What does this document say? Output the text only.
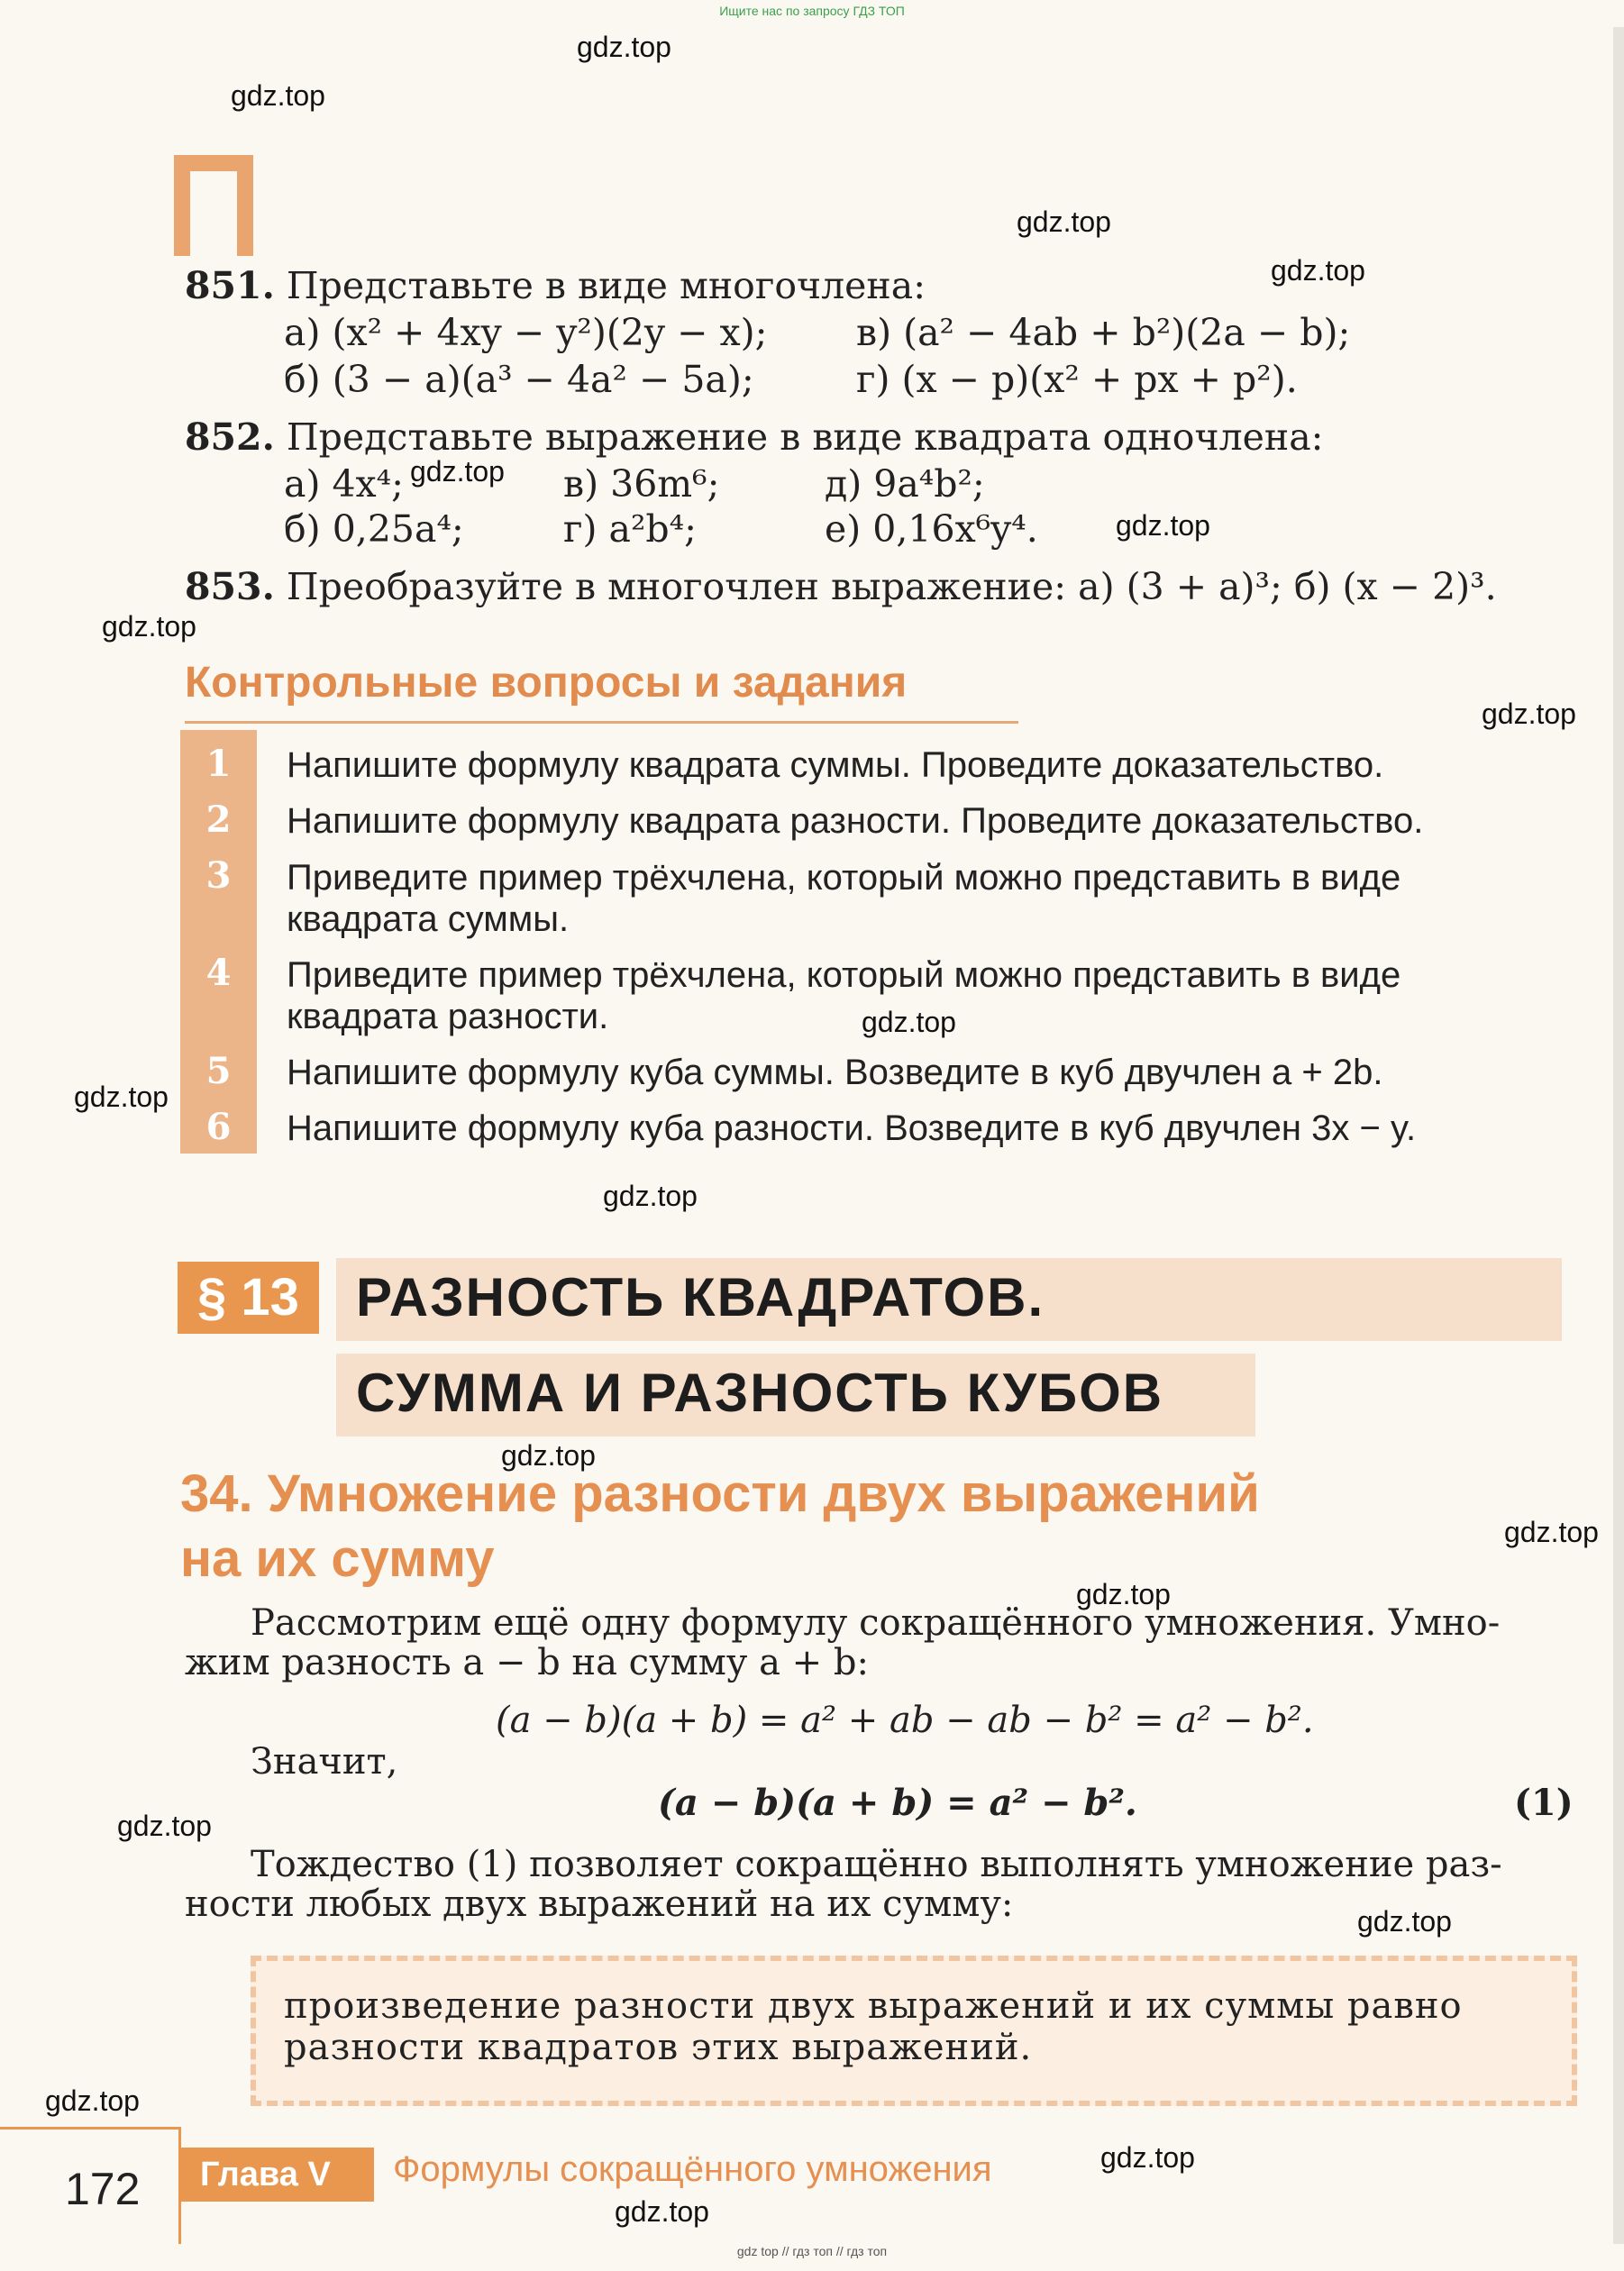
Ищите нас по запросу ГДЗ ТОП
gdz.top
gdz.top
gdz.top
gdz.top
gdz.top
gdz.top
gdz.top
gdz.top
gdz.top
gdz.top
gdz.top
gdz.top
gdz.top
gdz.top
gdz.top
gdz.top
gdz.top
gdz.top
gdz.top
851. Представьте в виде многочлена:
а) (x² + 4xy − y²)(2y − x); в) (a² − 4ab + b²)(2a − b);
б) (3 − a)(a³ − 4a² − 5a);	г) (x − p)(x² + px + p²).
852. Представьте выражение в виде квадрата одночлена:
а) 4x⁴;	в) 36m⁶;	д) 9a⁴b²;
б) 0,25a⁴;	г) a²b⁴;	е) 0,16x⁶y⁴.
853. Преобразуйте в многочлен выражение: а) (3 + a)³; б) (x − 2)³.
Контрольные вопросы и задания
1	Напишите формулу квадрата суммы. Проведите доказательство.
2	Напишите формулу квадрата разности. Проведите доказательство.
3	Приведите пример трёхчлена, который можно представить в виде
квадрата суммы.
4	Приведите пример трёхчлена, который можно представить в виде
квадрата разности.
5	Напишите формулу куба суммы. Возведите в куб двучлен a + 2b.
6	Напишите формулу куба разности. Возведите в куб двучлен 3x − y.
§ 13	РАЗНОСТЬ КВАДРАТОВ.
СУММА И РАЗНОСТЬ КУБОВ
34. Умножение разности двух выражений
на их сумму
Рассмотрим ещё одну формулу сокращённого умножения. Умно-
жим разность a − b на сумму a + b:
(a − b)(a + b) = a² + ab − ab − b² = a² − b².
Значит,
(a − b)(a + b) = a² − b².	(1)
Тождество (1) позволяет сокращённо выполнять умножение раз-
ности любых двух выражений на их сумму:
произведение разности двух выражений и их суммы равно
разности квадратов этих выражений.
172	Глава V	Формулы сокращённого умножения
gdz top // гдз топ // гдз топ
